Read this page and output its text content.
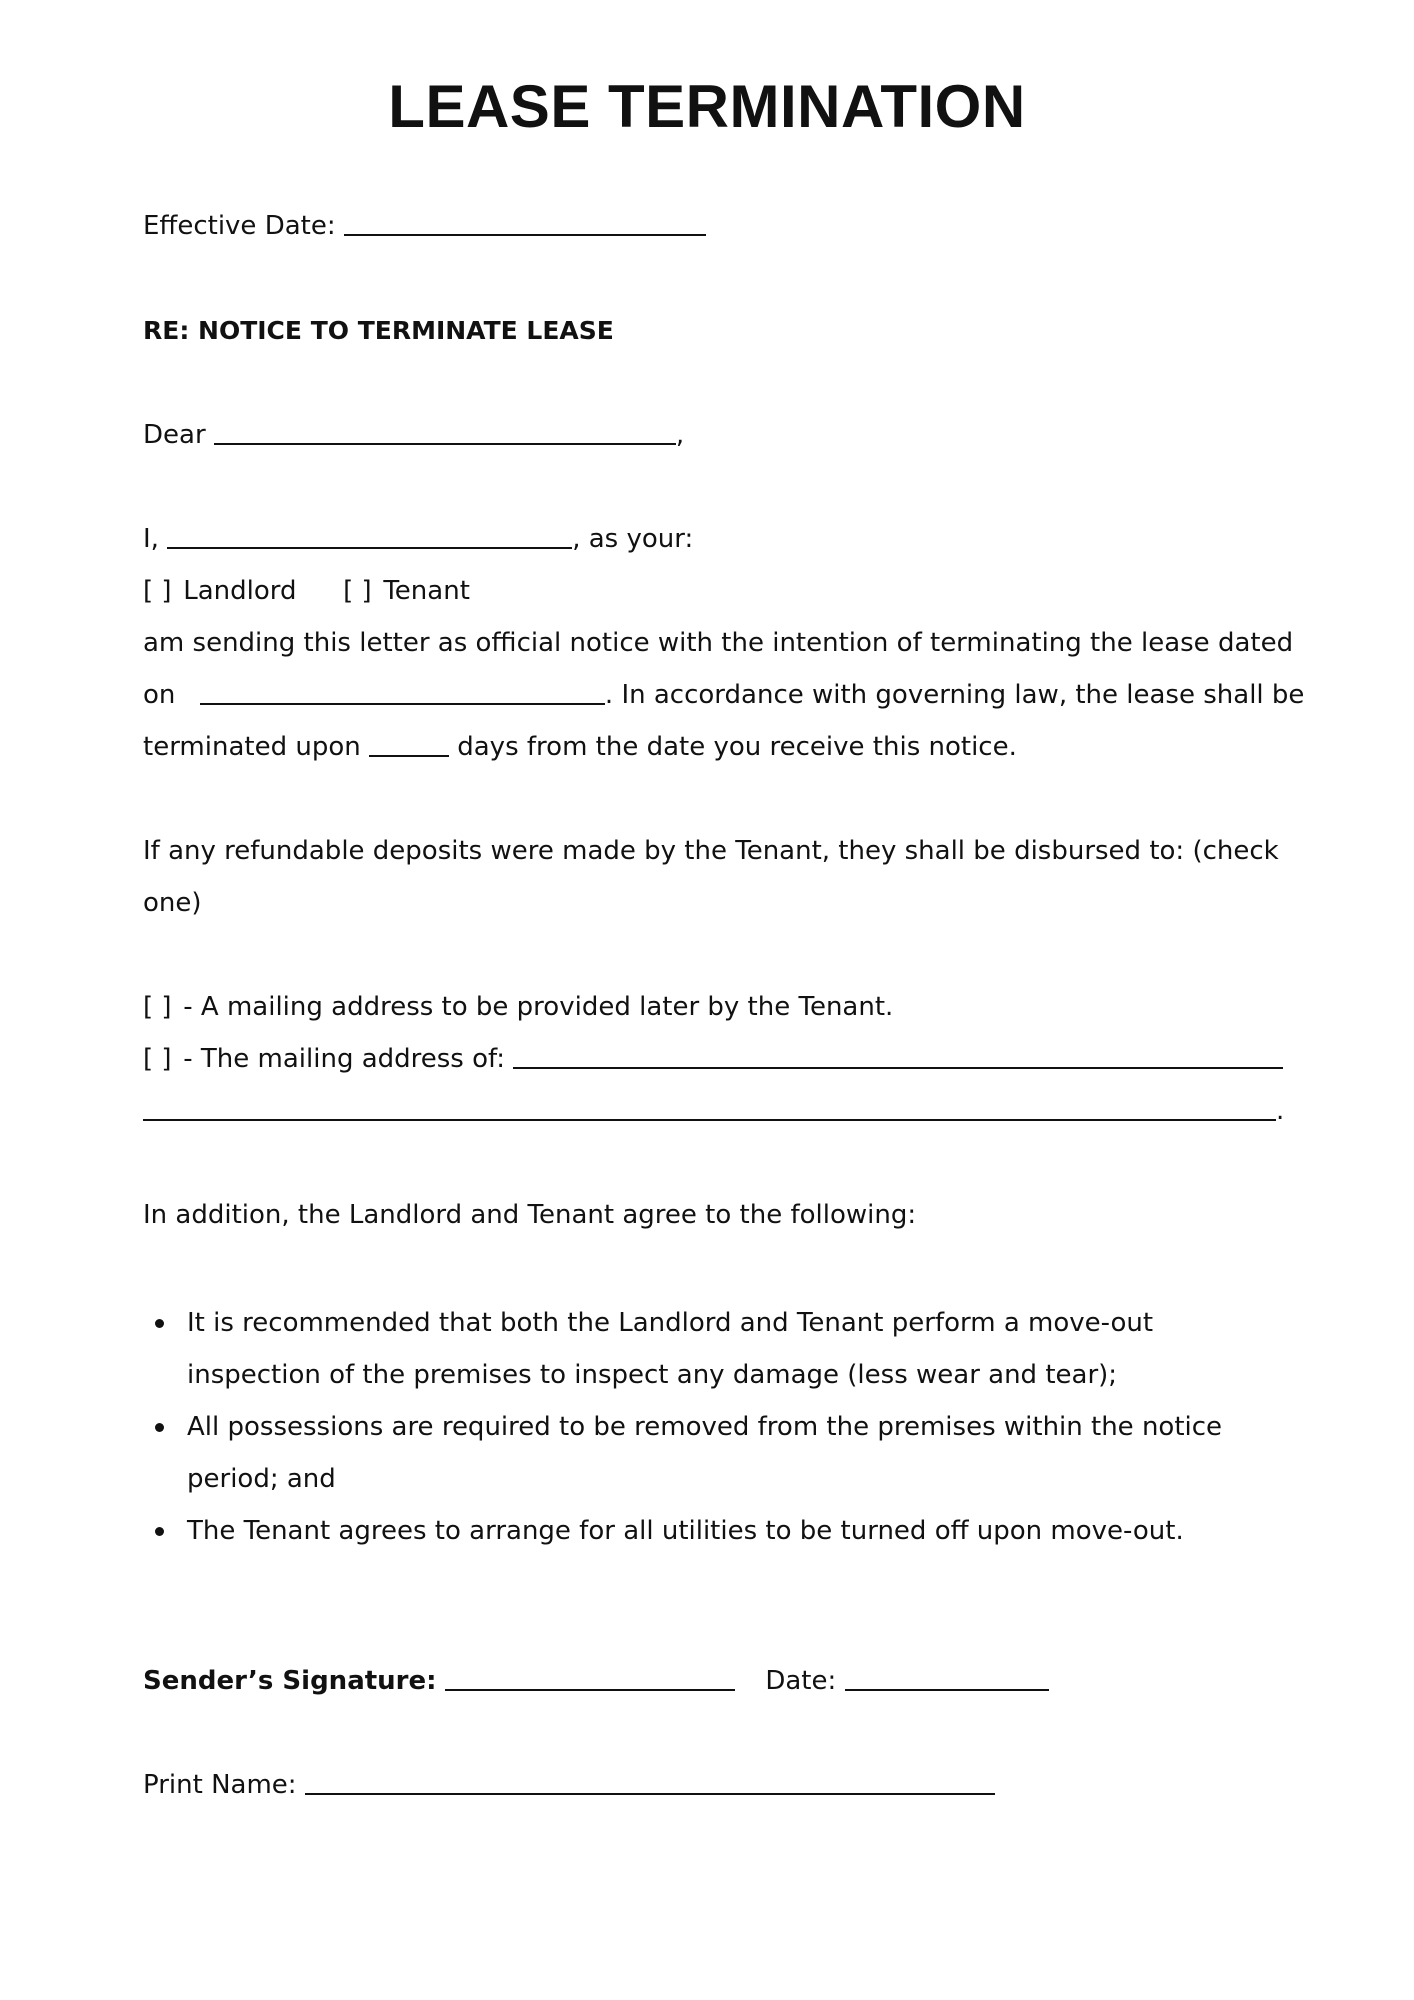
LEASE TERMINATION
Effective Date:
RE: NOTICE TO TERMINATE LEASE
Dear	,
I,	, as your:
[ ] Landlord [ ] Tenant
am sending this letter as official notice with the intention of terminating the lease dated
on	. In accordance with governing law, the lease shall be
terminated upon	days from the date you receive this notice.
If any refundable deposits were made by the Tenant, they shall be disbursed to: (check
one)
[ ] - A mailing address to be provided later by the Tenant.
[ ] - The mailing address of:
.
In addition, the Landlord and Tenant agree to the following:
It is recommended that both the Landlord and Tenant perform a move-out inspection of the premises to inspect any damage (less wear and tear);
All possessions are required to be removed from the premises within the notice period; and
The Tenant agrees to arrange for all utilities to be turned off upon move-out.
Sender’s Signature:	Date:
Print Name:
